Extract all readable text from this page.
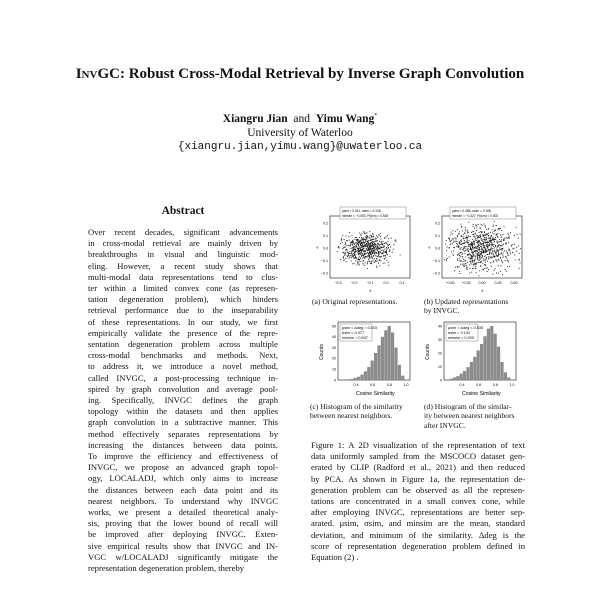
InvGC: Robust Cross-Modal Retrieval by Inverse Graph Convolution
Xiangru Jian and Yimu Wang*
University of Waterloo
{xiangru.jian,yimu.wang}@uwaterloo.ca
Abstract
Over recent decades, significant advancements
in cross-modal retrieval are mainly driven by
breakthroughs in visual and linguistic mod-
eling. However, a recent study shows that
multi-modal data representations tend to clus-
ter within a limited convex cone (as represen-
tation degeneration problem), which hinders
retrieval performance due to the inseparability
of these representations. In our study, we first
empirically validate the presence of the repre-
sentation degeneration problem across multiple
cross-modal benchmarks and methods. Next,
to address it, we introduce a novel method,
called INVGC, a post-processing technique in-
spired by graph convolution and average pool-
ing. Specifically, INVGC defines the graph
topology within the datasets and then applies
graph convolution in a subtractive manner. This
method effectively separates representations by
increasing the distances between data points.
To improve the efficiency and effectiveness of
INVGC, we propose an advanced graph topol-
ogy, LOCALADJ, which only aims to increase
the distances between each data point and its
nearest neighbors. To understand why INVGC
works, we present a detailed theoretical analy-
sis, proving that the lower bound of recall will
be improved after deploying INVGC. Exten-
sive empirical results show that INVGC and IN-
VGC w/LOCALADJ significantly mitigate the
representation degeneration problem, thereby
μsim = 0.511, σsim = 0.106,
minsim = −0.003, P(sim) = 0.518
Y
0.2
0.1
0.0
−0.1
−0.2
−0.3 −0.2 −0.1	0.0	0.1
X
μsim = 0.086, σsim = 0.186,
minsim = −0.327, P(sim) = 0.502
Y
0.2
0.1
0.0
−0.1
−0.2
−0.50 −0.25 0.00	0.25	0.50
X
(a) Original representations.	(b) Updated representations
by INVGC.
μsim = Δdeg = 0.015
σsim = 0.077
minsim = 0.537
50
40
30
20
10
0
0.4	0.6	0.8	1.0
Counts
Cosine Similarity
μsim = Δdeg = 0.635
σsim = 0.131
minsim = 0.293
40
30
20
10
0
0.4	0.6	0.8	1.0
Counts
Cosine Similarity
(c) Histogram of the similarity
between nearest neighbors.
(d) Histogram of the similar-
ity between nearest neighbors
after INVGC.
Figure 1: A 2D visualization of the representation of text
data uniformly sampled from the MSCOCO dataset gen-
erated by CLIP (Radford et al., 2021) and then reduced
by PCA. As shown in Figure 1a, the representation de-
generation problem can be observed as all the represen-
tations are concentrated in a small convex cone, while
after employing INVGC, representations are better sep-
arated. μsim, σsim, and minsim are the mean, standard
deviation, and minimum of the similarity. Δdeg is the
score of representation degeneration problem defined in
Equation (2) .
